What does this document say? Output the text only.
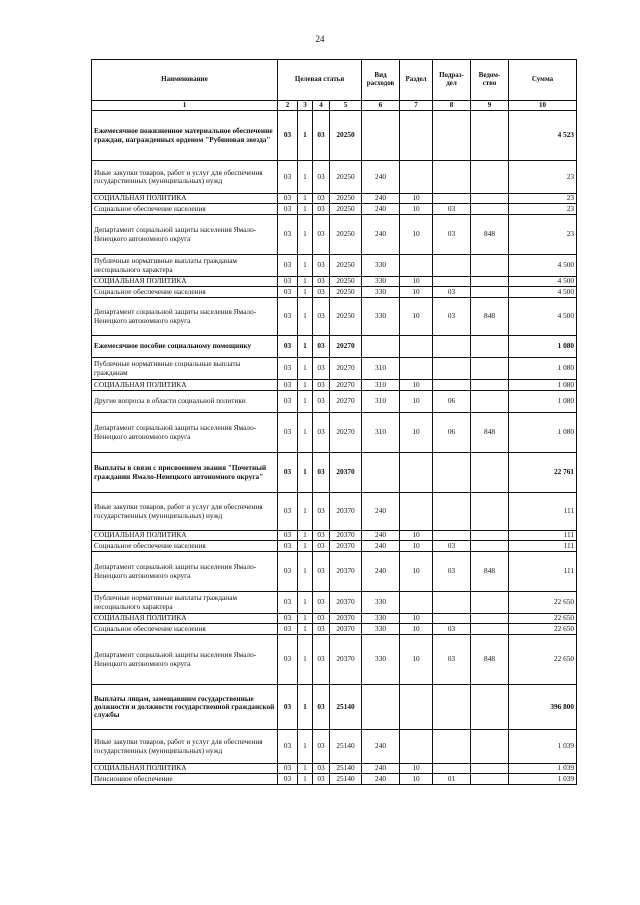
24
Наименование	Целевая статья				Вид расходов	Раздел	Подраз-дел	Ведом-ство	Сумма
1	2	3	4	5	6	7	8	9	10
Ежемесячное пожизненное материальное обеспечение граждан, награжденных орденом "Рубиновая звезда"	03	1	03	20250					4 523
Иные закупки товаров, работ и услуг для обеспечения государственных (муниципальных) нужд	03	1	03	20250	240				23
СОЦИАЛЬНАЯ ПОЛИТИКА	03	1	03	20250	240	10			23
Социальное обеспечение населения	03	1	03	20250	240	10	03		23
Департамент социальной защиты населения Ямало-Ненецкого автономного округа	03	1	03	20250	240	10	03	848	23
Публичные нормативные выплаты гражданам несоциального характера	03	1	03	20250	330				4 500
СОЦИАЛЬНАЯ ПОЛИТИКА	03	1	03	20250	330	10			4 500
Социальное обеспечение населения	03	1	03	20250	330	10	03		4 500
Департамент социальной защиты населения Ямало-Ненецкого автономного округа	03	1	03	20250	330	10	03	848	4 500
Ежемесячное пособие социальному помощнику	03	1	03	20270					1 080
Публичные нормативные социальные выплаты гражданам	03	1	03	20270	310				1 080
СОЦИАЛЬНАЯ ПОЛИТИКА	03	1	03	20270	310	10			1 080
Другие вопросы в области социальной политики	03	1	03	20270	310	10	06		1 080
Департамент социальной защиты населения Ямало-Ненецкого автономного округа	03	1	03	20270	310	10	06	848	1 080
Выплаты в связи с присвоением звания "Почетный гражданин Ямало-Ненецкого автономного округа"	03	1	03	20370					22 761
Иные закупки товаров, работ и услуг для обеспечения государственных (муниципальных) нужд	03	1	03	20370	240				111
СОЦИАЛЬНАЯ ПОЛИТИКА	03	1	03	20370	240	10			111
Социальное обеспечение населения	03	1	03	20370	240	10	03		111
Департамент социальной защиты населения Ямало-Ненецкого автономного округа	03	1	03	20370	240	10	03	848	111
Публичные нормативные выплаты гражданам несоциального характера	03	1	03	20370	330				22 650
СОЦИАЛЬНАЯ ПОЛИТИКА	03	1	03	20370	330	10			22 650
Социальное обеспечение населения	03	1	03	20370	330	10	03		22 650
Департамент социальной защиты населения Ямало-Ненецкого автономного округа	03	1	03	20370	330	10	03	848	22 650
Выплаты лицам, замещавшим государственные должности и должности государственной гражданской службы	03	1	03	25140					396 800
Иные закупки товаров, работ и услуг для обеспечения государственных (муниципальных) нужд	03	1	03	25140	240				1 039
СОЦИАЛЬНАЯ ПОЛИТИКА	03	1	03	25140	240	10			1 039
Пенсионное обеспечение	03	1	03	25140	240	10	01		1 039
